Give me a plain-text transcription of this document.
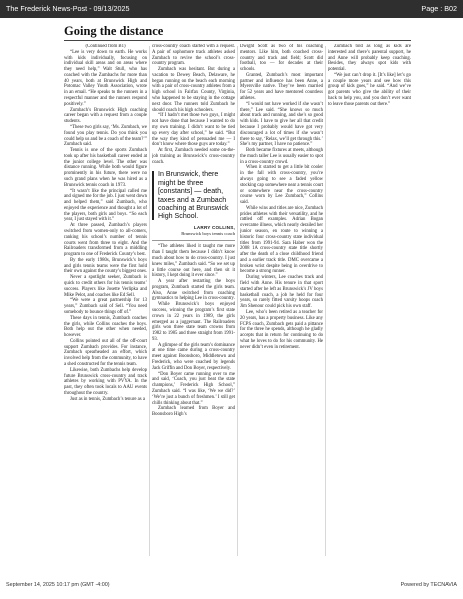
The Frederick News-Post - 09/13/2025	Page : B02
Going the distance

(Continued from B1)

“Lee is very down to earth. He works with kids individually, focusing on individual skill areas and on areas where they need help,” Walt Stull, who has coached with the Zumbachs for more than 40 years, both at Brunswick High and Potomac Valley Youth Association, wrote in an email. “He speaks to the runners in a respectful manner and the runners respond positively.”

Zumbach’s Brunswick High coaching career began with a request from a couple students.

“These two girls say, ‘Ms. Zumbach, we found you play tennis. Do you think you could help us and be a coach of the team?’” Zumbach said.

Tennis is one of the sports Zumbach took up after his basketball career ended at the junior college level. The other was distance running. While both would figure prominently in his future, there were no such grand plans when he was hired as a Brunswick tennis coach in 1973.

“It wasn’t like the principal called me and signed me for the job. I just went down and helped them,” said Zumbach, who enjoyed the experience and thought a lot of the players, both girls and boys. “So each year, I just stayed with it.”

At three passed, Zumbach’s players switched from women-only to all-comers, ranking his school’s number of tennis courts went from three to eight. And the Railroaders transformed from a middling program to one of Frederick County’s best.

By the early 1980s, Brunswick’s boys and girls tennis teams were the first hold their own against the county’s biggest ones.

Never a spotlight seeker, Zumbach is quick to credit others for his tennis teams’ success. Players like Josette Verlipka and Mike Pelot, and coaches like Ed Sell.

“We were a great partnership for 13 years,” Zumbach said of Sell. “You need somebody to bounce things off of.”

These days in tennis, Zumbach coaches the girls, while Collins coaches the boys. Both help out the other when needed, however.

Collins pointed out all of the off-court support Zumbach provides. For instance, Zumbach spearheaded an effort, which involved help from the community, to have a shed constructed for the tennis team.

Likewise, both Zumbachs help develop future Brunswick cross-country and track athletes by working with PVYA. In the past, they often took locals to AAU events throughout the country.

Just as in tennis, Zumbach’s tenure as a

cross-country coach started with a request. A pair of sophomore track athletes asked Zumbach to revive the school’s cross-country program.

Zumbach was hesitant. But during a vacation to Dewey Beach, Delaware, he began running on the beach each morning with a pair of cross-country athletes from a high school in Fairfax County, Virginia, who happened to be staying in the cottage next door. The runners told Zumbach he should coach his high schoolers.

“If I hadn’t met those two guys, I might not have done that because I wanted to do my own training. I didn’t want to be tied up every day after school,” he said. “But the way they kind of persuaded me — I don’t know where those guys are today.”

At first, Zumbach needed some on-the-job training as Brunswick’s cross-country coach.

In Brunswick, there might be three [constants] — death, taxes and a Zumbach coaching at Brunswick High School.

LARRY COLLINS,
Brunswick boys tennis coach

“The athletes liked it taught me more than I taught them because I didn’t know much about how to do cross-country. I just knew miles,” Zumbach said. “So we set up a little course out here, and then sit it history, I kept doing it ever since.”

A year after restarting the boys program, Zumbach started the girls team. Also, Anne switched from coaching gymnastics to helping Lee in cross-country.

While Brunswick’s boys enjoyed success, winning the program’s first state crown in 22 years in 1989, the girls emerged as a juggernaut. The Railroaders girls won three state team crowns from 1982 to 1985 and three straight from 1991-93.

A glimpse of the girls team’s dominance at one time came during a cross-country meet against Boonsboro, Middletown and Frederick, who were coached by legends Jack Griffin and Don Boyer, respectively.

“Don Boyer came running over to me and said, ‘Coach, you just beat the state champions,’ Frederick High School,” Zumbach said. “I was like, ‘We we did?’ ‘We’re just a bunch of freshmen.’ I still get chills thinking about that.”

Zumbach learned from Boyer and Boonsboro High’s

Dwight Scott as two of his coaching mentors. Like him, both coached cross-country and track and field; Scott did football, too — for decades at their schools.

Granted, Zumbach’s most important partner and influence has been Anne, a Myersville native. They’ve been married for 52 years and have mentored countless athletes.

“I would not have worked if she wasn’t there,” Lee said. “She knows so much about track and running, and she’s so good with kids. I have to give her all that credit because I probably would have got very discouraged a lot of times if she wasn’t there to say, ‘Relax, we’ll get through this.’ She’s my partner, I have no patience.”

Both became fixtures at meets, although the much taller Lee is usually easier to spot in a cross-country crowd.

When it started to get a little bit cooler in the fall with cross-country, you’re always going to see a faded yellow stocking cap somewhere near a tennis court or somewhere near the cross-country course worn by Lee Zumbach,” Collins said.

While wins and titles are nice, Zumbach prides athletes with their versatility, and he rattled off examples. Adrian Bogan overcame illness, which nearly derailed her junior season, en route to winning a historic four cross-country state individual titles from 1991-94. Sara Haber won the 2008 1A cross-country state title shortly after the death of a close childhood friend and a earlier track title. DMC overcame a broken wrist despite being in overdrive to become a strong runner.

During winters, Lee coaches track and field with Anne. His tenure in that sport started after he left as Brunswick’s JV boys basketball coach, a job he held for four years, so rarely fitted varsity hoops coach Jim Shenour could pick his own staff.

Lee, who’s been retired as a teacher for 20 years, has a property business. Like any FCPS coach, Zumbach gets paid a pittance for the three he spends, although he gladly accepts that in return for continuing to do what he loves to do for his community. He never didn’t even in retirement.

Zumbach told as long as kids are interested and there’s parental support, he and Anne will probably keep coaching. Besides, they always spot kids with potential.

“We just can’t drop it. [It’s like] let’s go a couple more years and see how this group of kids goes,” he said. “And we’ve got parents who give the ability of their back to help you, and you don’t ever want to leave those parents out there.”

September 14, 2025 10:17 pm (GMT -4:00)	Powered by TECNAVIA
